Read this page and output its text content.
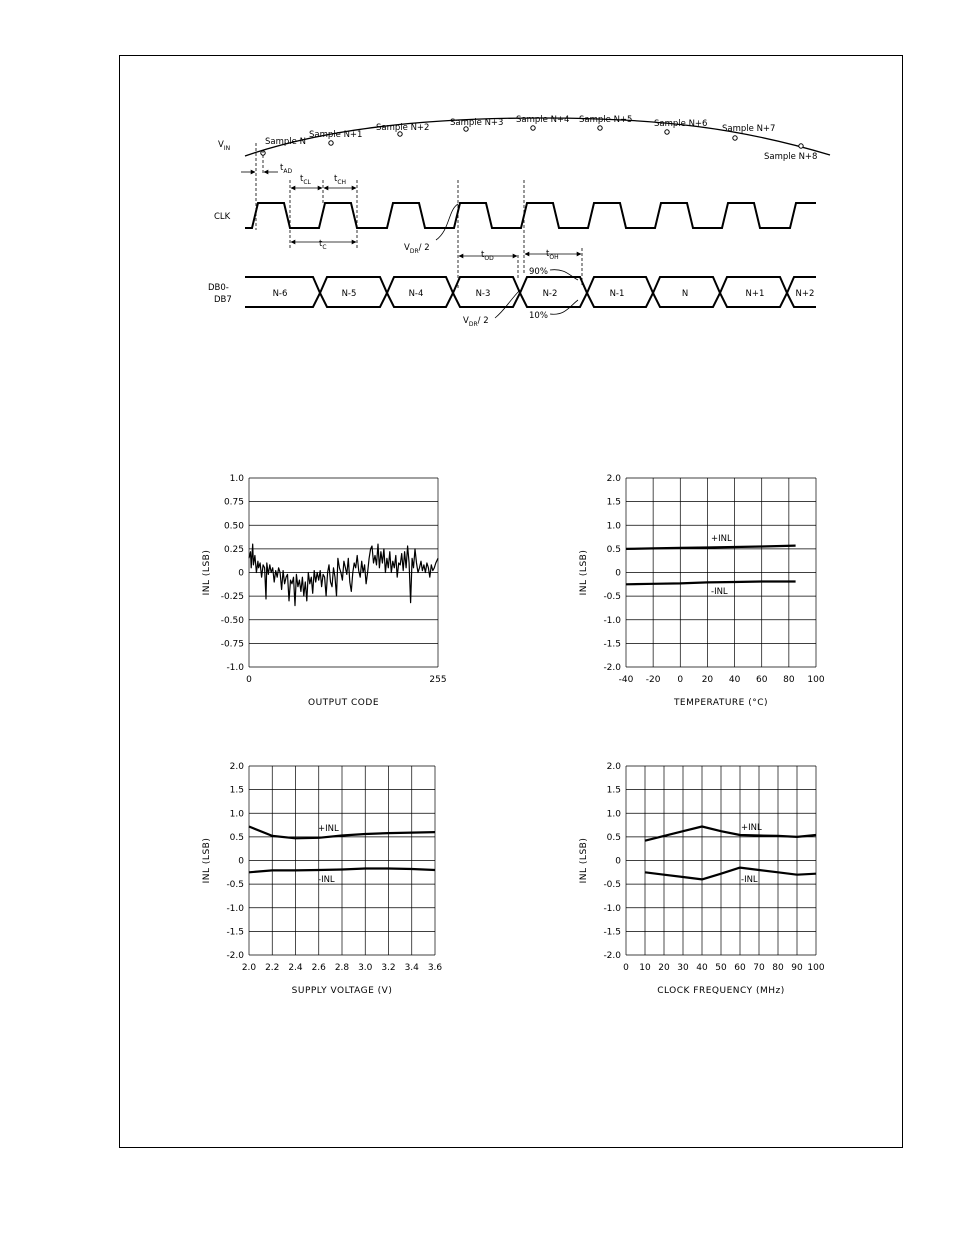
$V_{IN}$
Sample N
Sample N+1
Sample N+2 Sample N+3 Sample N+4 Sample N+5	Sample N+6 Sample N+7
Sample N+8
$t_{AD}$
$t_{CL}$	$t_{CH}$
CLK
$t_C$	$V_{DR}/$ 2
$t_{OD}$	$t_{OH}$
90%
10%
$V_{DR}/$ 2
DB0-
DB7
N-6	N-5	N-4	N-3	N-2	N-1	N	N+1	N+2
1.0
0.75
0.50
0.25
0
-0.25
-0.50
-0.75
-1.0
0	255
OUTPUT CODE
INL (LSB)
2.0
1.5
1.0
0.5
0
-0.5
-1.0
-1.5
-2.0
-40 -20 0 20 40 60 80 100
TEMPERATURE (°C)
INL (LSB)
+INL
-INL
2.0
1.5
1.0
0.5
0
-0.5
-1.0
-1.5
-2.0
2.0 2.2 2.4 2.6 2.8 3.0 3.2 3.4 3.6
SUPPLY VOLTAGE (V)
INL (LSB)
+INL
-INL
2.0
1.5
1.0
0.5
0
-0.5
-1.0
-1.5
-2.0
0 10 20 30 40 50 60 70 80 90 100
CLOCK FREQUENCY (MHz)
INL (LSB)
+INL
-INL
